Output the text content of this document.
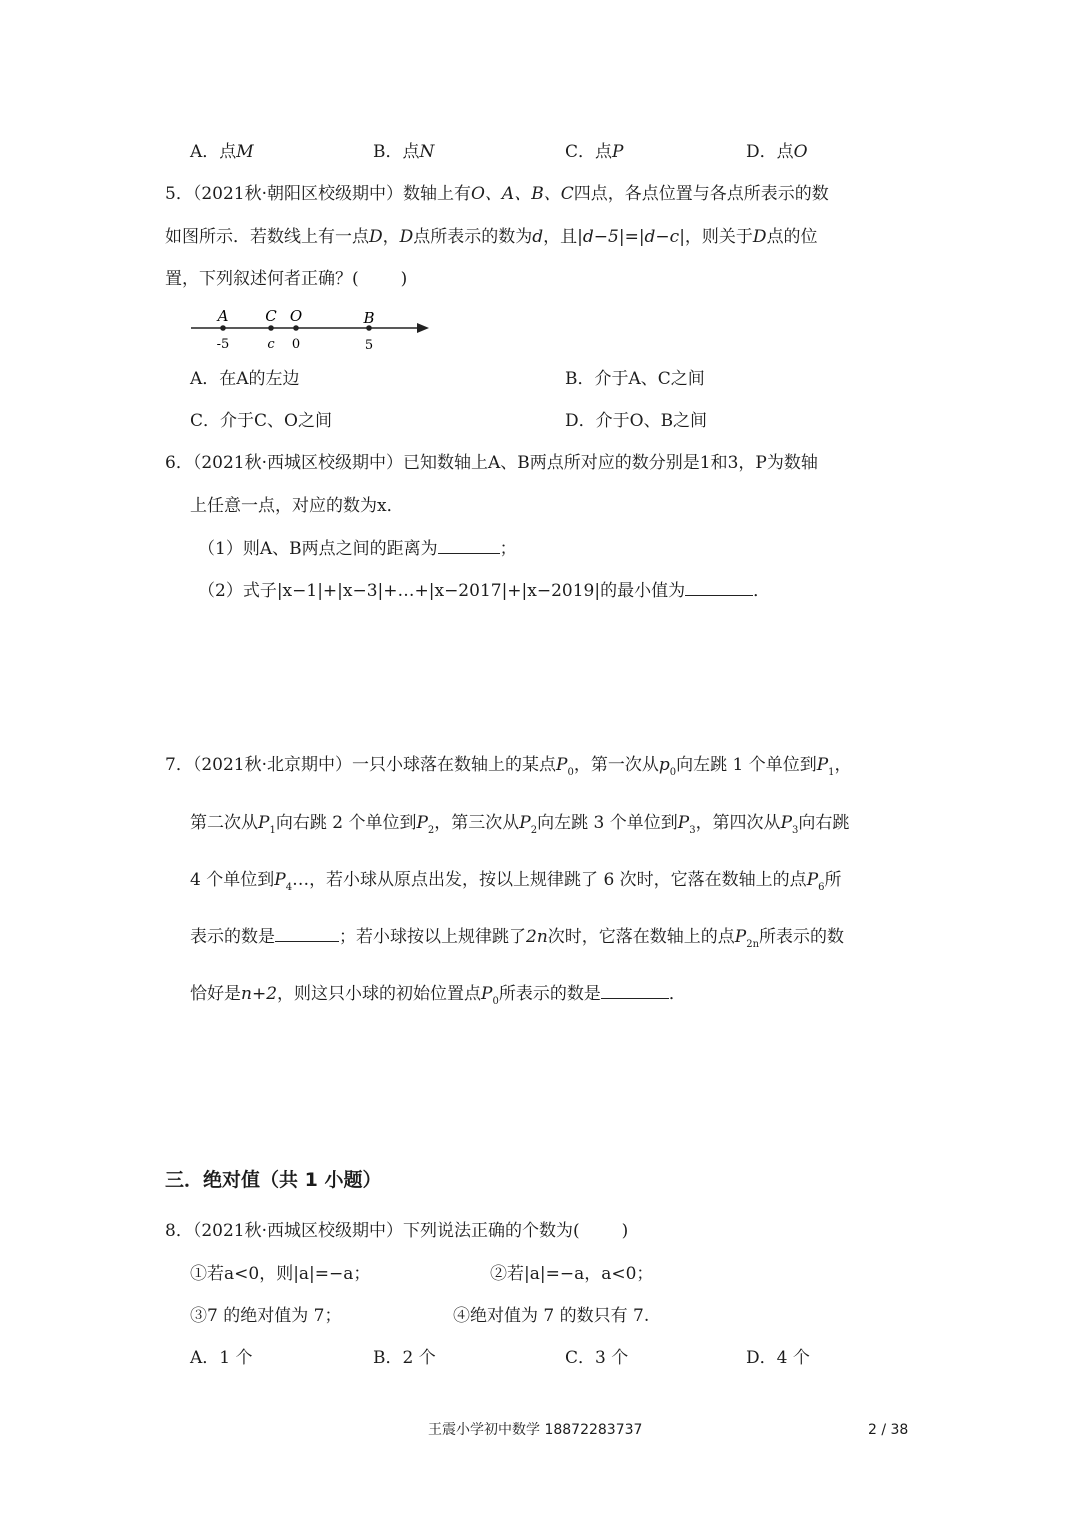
A．点M	B．点N	C．点P	D．点O
5．（2021秋·朝阳区校级期中）数轴上有O、A、B、C四点，各点位置与各点所表示的数
如图所示．若数线上有一点D，D点所表示的数为d，且|d−5|=|d−c|，则关于D点的位
置，下列叙述何者正确？( )
A C O	B
-5	c 0	5
A．在A的左边	B．介于A、C之间
C．介于C、O之间	D．介于O、B之间
6．（2021秋·西城区校级期中）已知数轴上A、B两点所对应的数分别是1和3，P为数轴
上任意一点，对应的数为x．
（1）则A、B两点之间的距离为	；
（2）式子|x−1|+|x−3|+…+|x−2017|+|x−2019|的最小值为	．
7．（2021秋·北京期中）一只小球落在数轴上的某点$P_0$，第一次从$p_0$向左跳 1 个单位到$P_1$，
第二次从$P_1$向右跳 2 个单位到$P_2$，第三次从$P_2$向左跳 3 个单位到$P_3$，第四次从$P_3$向右跳
4 个单位到$P_4\dots$，若小球从原点出发，按以上规律跳了 6 次时，它落在数轴上的点$P_6$所
表示的数是	；若小球按以上规律跳了2n次时，它落在数轴上的点$P_{2n}$所表示的数
恰好是n+2，则这只小球的初始位置点$P_0$所表示的数是	．
三．绝对值（共 1 小题）
8．（2021秋·西城区校级期中）下列说法正确的个数为( )
①若a<0，则|a|=−a；	②若|a|=−a，a<0；
③7 的绝对值为 7；	④绝对值为 7 的数只有 7.
A．1 个	B．2 个	C．3 个	D．4 个
王震小学初中数学 18872283737	2 / 38
